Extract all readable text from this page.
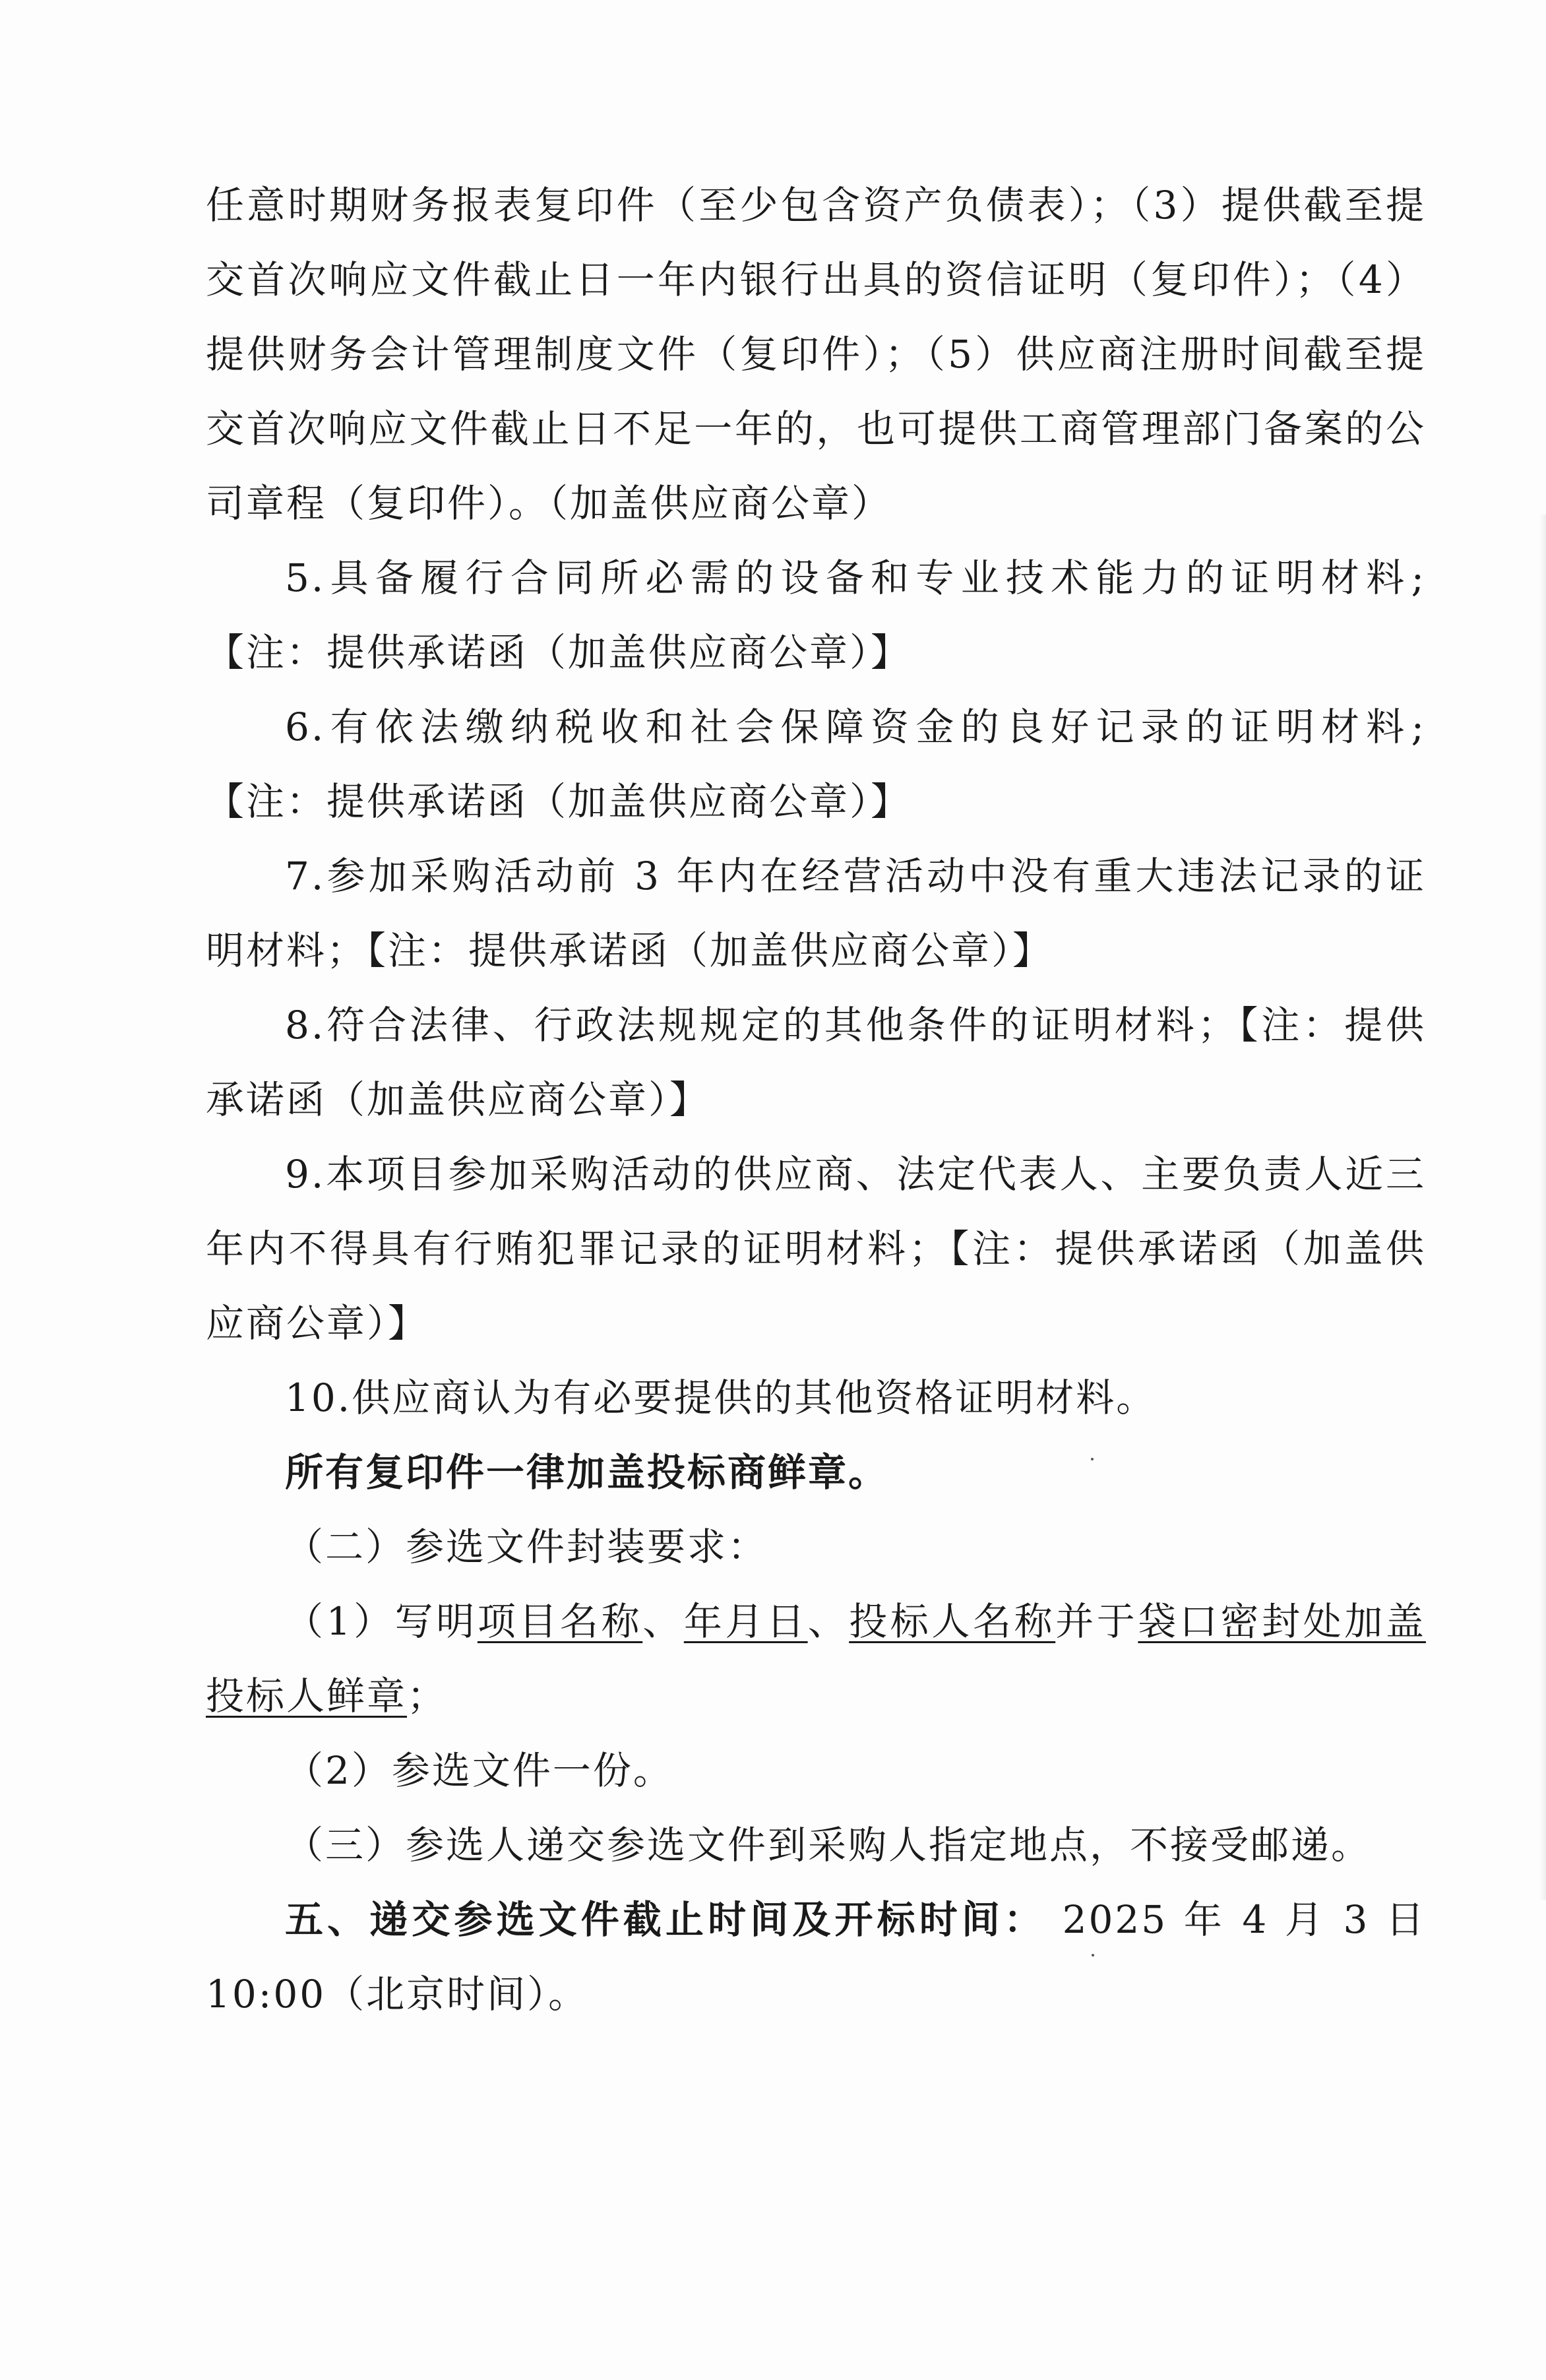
任意时期财务报表复印件（至少包含资产负债表）；（3）提供截至提交首次响应文件截止日一年内银行出具的资信证明（复印件）；（4）提供财务会计管理制度文件（复印件）；（5）供应商注册时间截至提交首次响应文件截止日不足一年的，也可提供工商管理部门备案的公司章程（复印件）。（加盖供应商公章）

5.具备履行合同所必需的设备和专业技术能力的证明材料;【注：提供承诺函（加盖供应商公章）】

6.有依法缴纳税收和社会保障资金的良好记录的证明材料;【注：提供承诺函（加盖供应商公章）】

7.参加采购活动前 3 年内在经营活动中没有重大违法记录的证明材料；【注：提供承诺函（加盖供应商公章）】

8.符合法律、行政法规规定的其他条件的证明材料；【注：提供承诺函（加盖供应商公章）】

9.本项目参加采购活动的供应商、法定代表人、主要负责人近三年内不得具有行贿犯罪记录的证明材料；【注：提供承诺函（加盖供应商公章）】

10.供应商认为有必要提供的其他资格证明材料。

所有复印件一律加盖投标商鲜章。

（二）参选文件封装要求：

（1）写明项目名称、年月日、投标人名称并于袋口密封处加盖投标人鲜章；

（2）参选文件一份。

（三）参选人递交参选文件到采购人指定地点，不接受邮递。

五、递交参选文件截止时间及开标时间： 2025 年 4 月 3 日 10:00（北京时间）。
